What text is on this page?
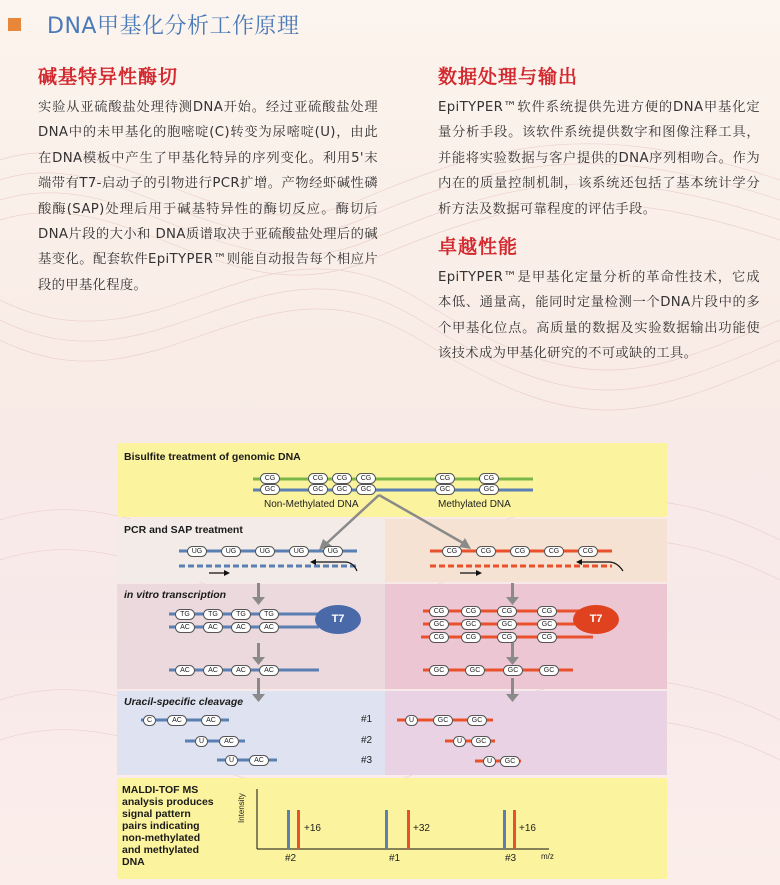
DNA甲基化分析工作原理
碱基特异性酶切

实验从亚硫酸盐处理待测DNA开始。经过亚硫酸盐处理DNA中的未甲基化的胞嘧啶(C)转变为尿嘧啶(U)，由此在DNA模板中产生了甲基化特异的序列变化。利用5'末端带有T7-启动子的引物进行PCR扩增。产物经虾碱性磷酸酶(SAP)处理后用于碱基特异性的酶切反应。酶切后DNA片段的大小和 DNA质谱取决于亚硫酸盐处理后的碱基变化。配套软件EpiTYPER™则能自动报告每个相应片段的甲基化程度。

数据处理与输出

EpiTYPER™软件系统提供先进方便的DNA甲基化定量分析手段。该软件系统提供数字和图像注释工具，并能将实验数据与客户提供的DNA序列相吻合。作为内在的质量控制机制，该系统还包括了基本统计学分析方法及数据可靠程度的评估手段。

卓越性能

EpiTYPER™是甲基化定量分析的革命性技术，它成本低、通量高，能同时定量检测一个DNA片段中的多个甲基化位点。高质量的数据及实验数据输出功能使该技术成为甲基化研究的不可或缺的工具。

Bisulfite treatment of genomic DNA
PCR and SAP treatment
in vitro transcription
Uracil-specific cleavage
MALDI-TOF MS analysis produces signal pattern pairs indicating non-methylated and methylated DNA
Non-Methylated DNA	Methylated DNA
CG
GC
CG
GC
CG
GC
CG
GC
CG
GC
CG
GC
UG	UG	UG	UG	UG	CG	CG	CG	CG	CG
TG	TG	TG	TG
AC	AC	AC	AC
AC	AC	AC	AC
T7
CG	CG	CG	CG
GC	GC	GC	GC
CG	CG	CG	CG
GC	GC	GC	GC
T7
C	AC	AC
U	AC
U	AC
#1
#2
#3
U	GC	GC
U	GC
U	GC
Intensity
m/z
+16	+32	+16
#2	#1	#3
